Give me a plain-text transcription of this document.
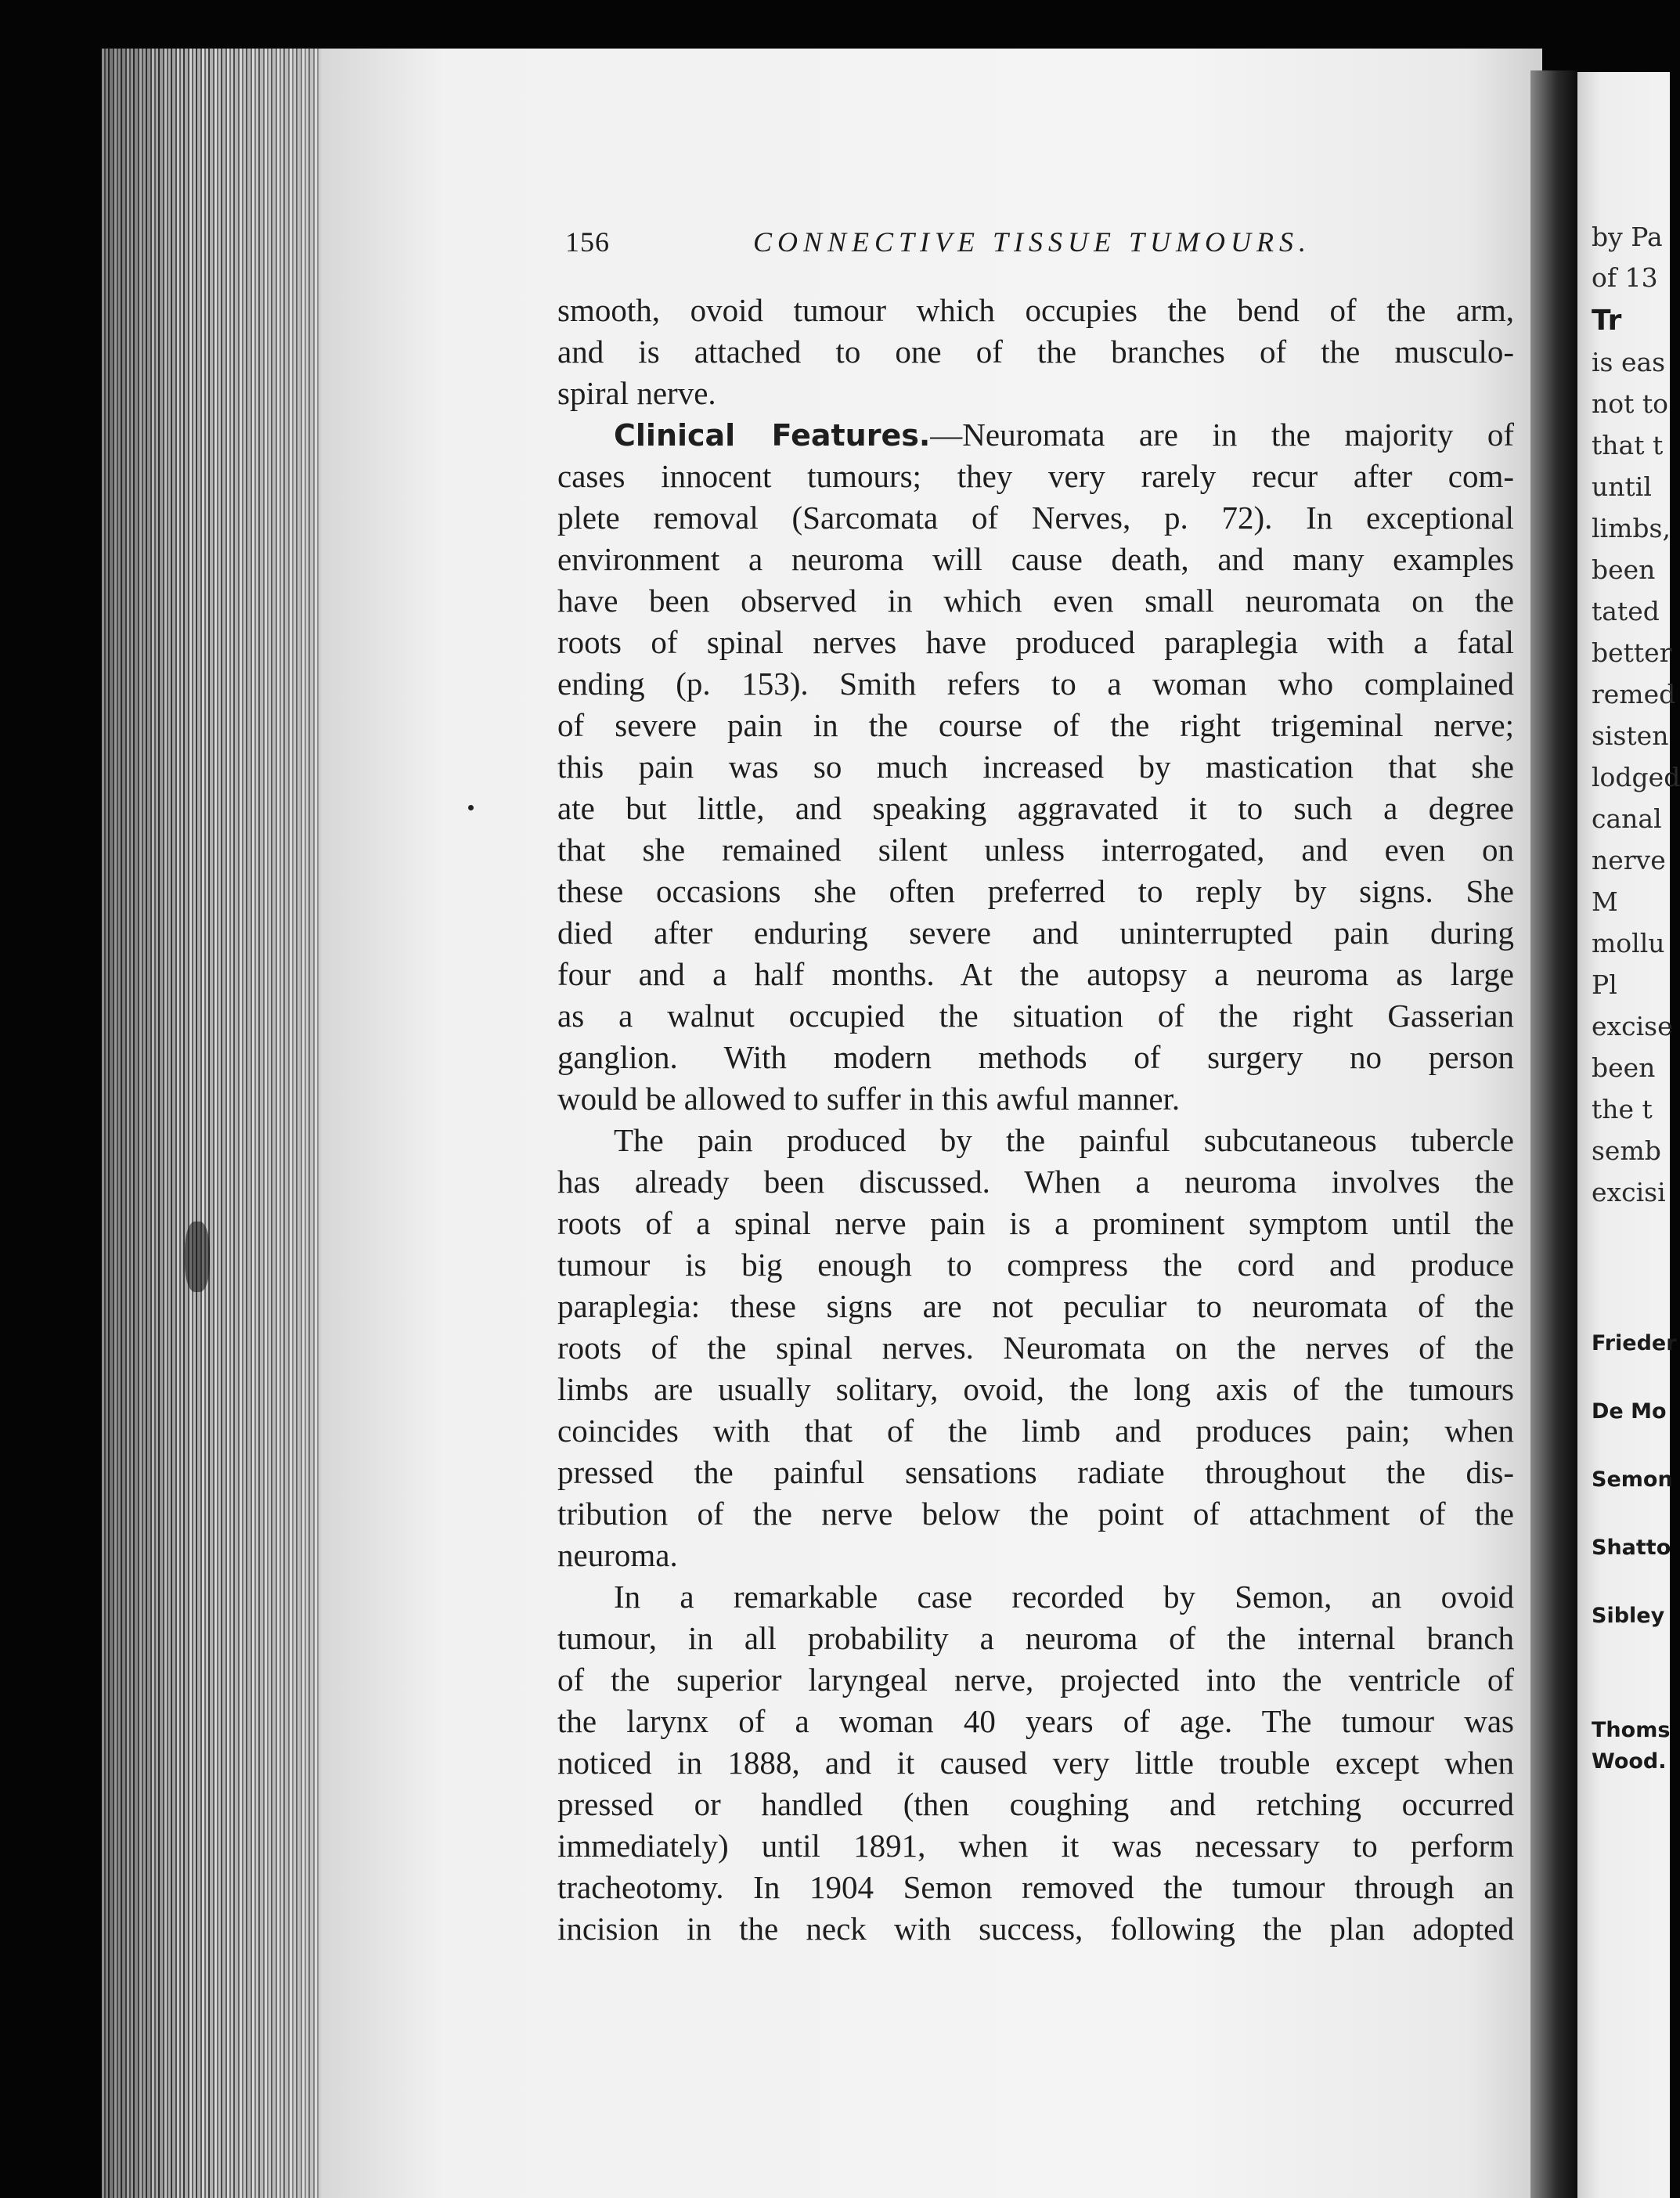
156	CONNECTIVE TISSUE TUMOURS.
smooth, ovoid tumour which occupies the bend of the arm,
and is attached to one of the branches of the musculo-
spiral nerve.
Clinical Features.—Neuromata are in the majority of
cases innocent tumours; they very rarely recur after com-
plete removal (Sarcomata of Nerves, p. 72). In exceptional
environment a neuroma will cause death, and many examples
have been observed in which even small neuromata on the
roots of spinal nerves have produced paraplegia with a fatal
ending (p. 153). Smith refers to a woman who complained
of severe pain in the course of the right trigeminal nerve;
this pain was so much increased by mastication that she
ate but little, and speaking aggravated it to such a degree
that she remained silent unless interrogated, and even on
these occasions she often preferred to reply by signs. She
died after enduring severe and uninterrupted pain during
four and a half months. At the autopsy a neuroma as large
as a walnut occupied the situation of the right Gasserian
ganglion. With modern methods of surgery no person
would be allowed to suffer in this awful manner.
The pain produced by the painful subcutaneous tubercle
has already been discussed. When a neuroma involves the
roots of a spinal nerve pain is a prominent symptom until the
tumour is big enough to compress the cord and produce
paraplegia: these signs are not peculiar to neuromata of the
roots of the spinal nerves. Neuromata on the nerves of the
limbs are usually solitary, ovoid, the long axis of the tumours
coincides with that of the limb and produces pain; when
pressed the painful sensations radiate throughout the dis-
tribution of the nerve below the point of attachment of the
neuroma.
In a remarkable case recorded by Semon, an ovoid
tumour, in all probability a neuroma of the internal branch
of the superior laryngeal nerve, projected into the ventricle of
the larynx of a woman 40 years of age. The tumour was
noticed in 1888, and it caused very little trouble except when
pressed or handled (then coughing and retching occurred
immediately) until 1891, when it was necessary to perform
tracheotomy. In 1904 Semon removed the tumour through an
incision in the neck with success, following the plan adopted
by Pa
of 13
Tr
is eas
not to
that t
until
limbs,
been
tated
better
remed
sisten
lodged
canal
nerve
M
mollu
Pl
excise
been
the t
semb
excisi
Frieder
De Mo
Semon
Shatto
Sibley
Thoms
Wood.
